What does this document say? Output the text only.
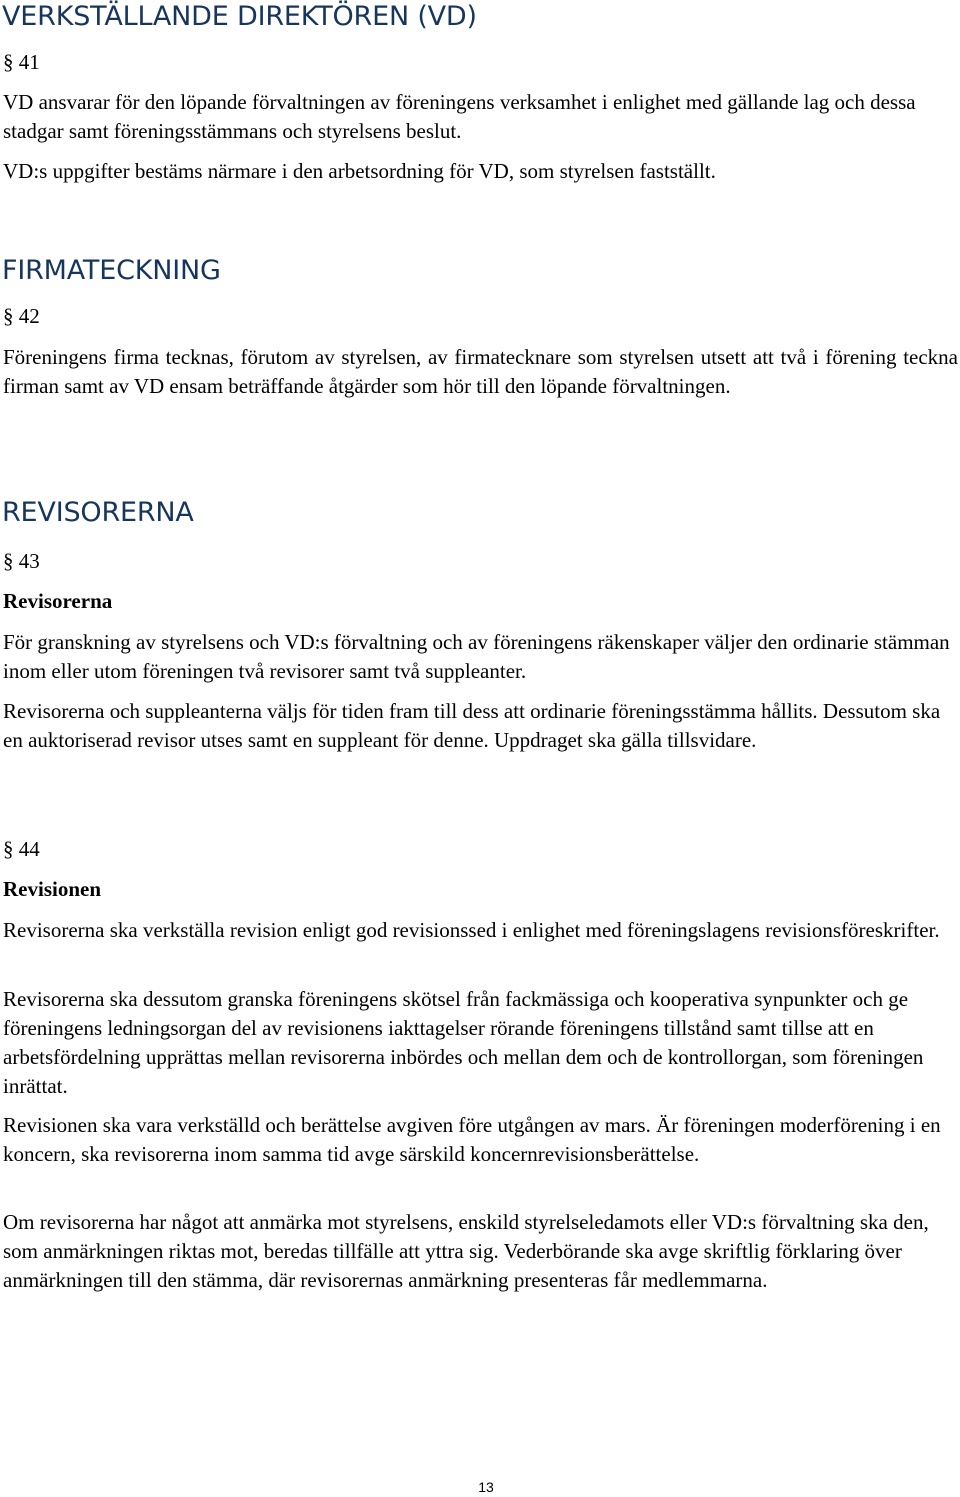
VERKSTÄLLANDE DIREKTÖREN (VD)

§ 41

VD ansvarar för den löpande förvaltningen av föreningens verksamhet i enlighet med gällande lag och dessa stadgar samt föreningsstämmans och styrelsens beslut.

VD:s uppgifter bestäms närmare i den arbetsordning för VD, som styrelsen fastställt.

FIRMATECKNING

§ 42

Föreningens firma tecknas, förutom av styrelsen, av firmatecknare som styrelsen utsett att två i förening teckna firman samt av VD ensam beträffande åtgärder som hör till den löpande förvaltningen.

REVISORERNA

§ 43

Revisorerna

För granskning av styrelsens och VD:s förvaltning och av föreningens räkenskaper väljer den ordinarie stämman inom eller utom föreningen två revisorer samt två suppleanter.

Revisorerna och suppleanterna väljs för tiden fram till dess att ordinarie föreningsstämma hållits. Dessutom ska en auktoriserad revisor utses samt en suppleant för denne. Uppdraget ska gälla tillsvidare.

§ 44

Revisionen

Revisorerna ska verkställa revision enligt god revisionssed i enlighet med föreningslagens revisionsföreskrifter.

Revisorerna ska dessutom granska föreningens skötsel från fackmässiga och kooperativa synpunkter och ge föreningens ledningsorgan del av revisionens iakttagelser rörande föreningens tillstånd samt tillse att en arbetsfördelning upprättas mellan revisorerna inbördes och mellan dem och de kontrollorgan, som föreningen inrättat.

Revisionen ska vara verkställd och berättelse avgiven före utgången av mars. Är föreningen moderförening i en koncern, ska revisorerna inom samma tid avge särskild koncernrevisionsberättelse.

Om revisorerna har något att anmärka mot styrelsens, enskild styrelseledamots eller VD:s förvaltning ska den, som anmärkningen riktas mot, beredas tillfälle att yttra sig. Vederbörande ska avge skriftlig förklaring över anmärkningen till den stämma, där revisorernas anmärkning presenteras får medlemmarna.

13
